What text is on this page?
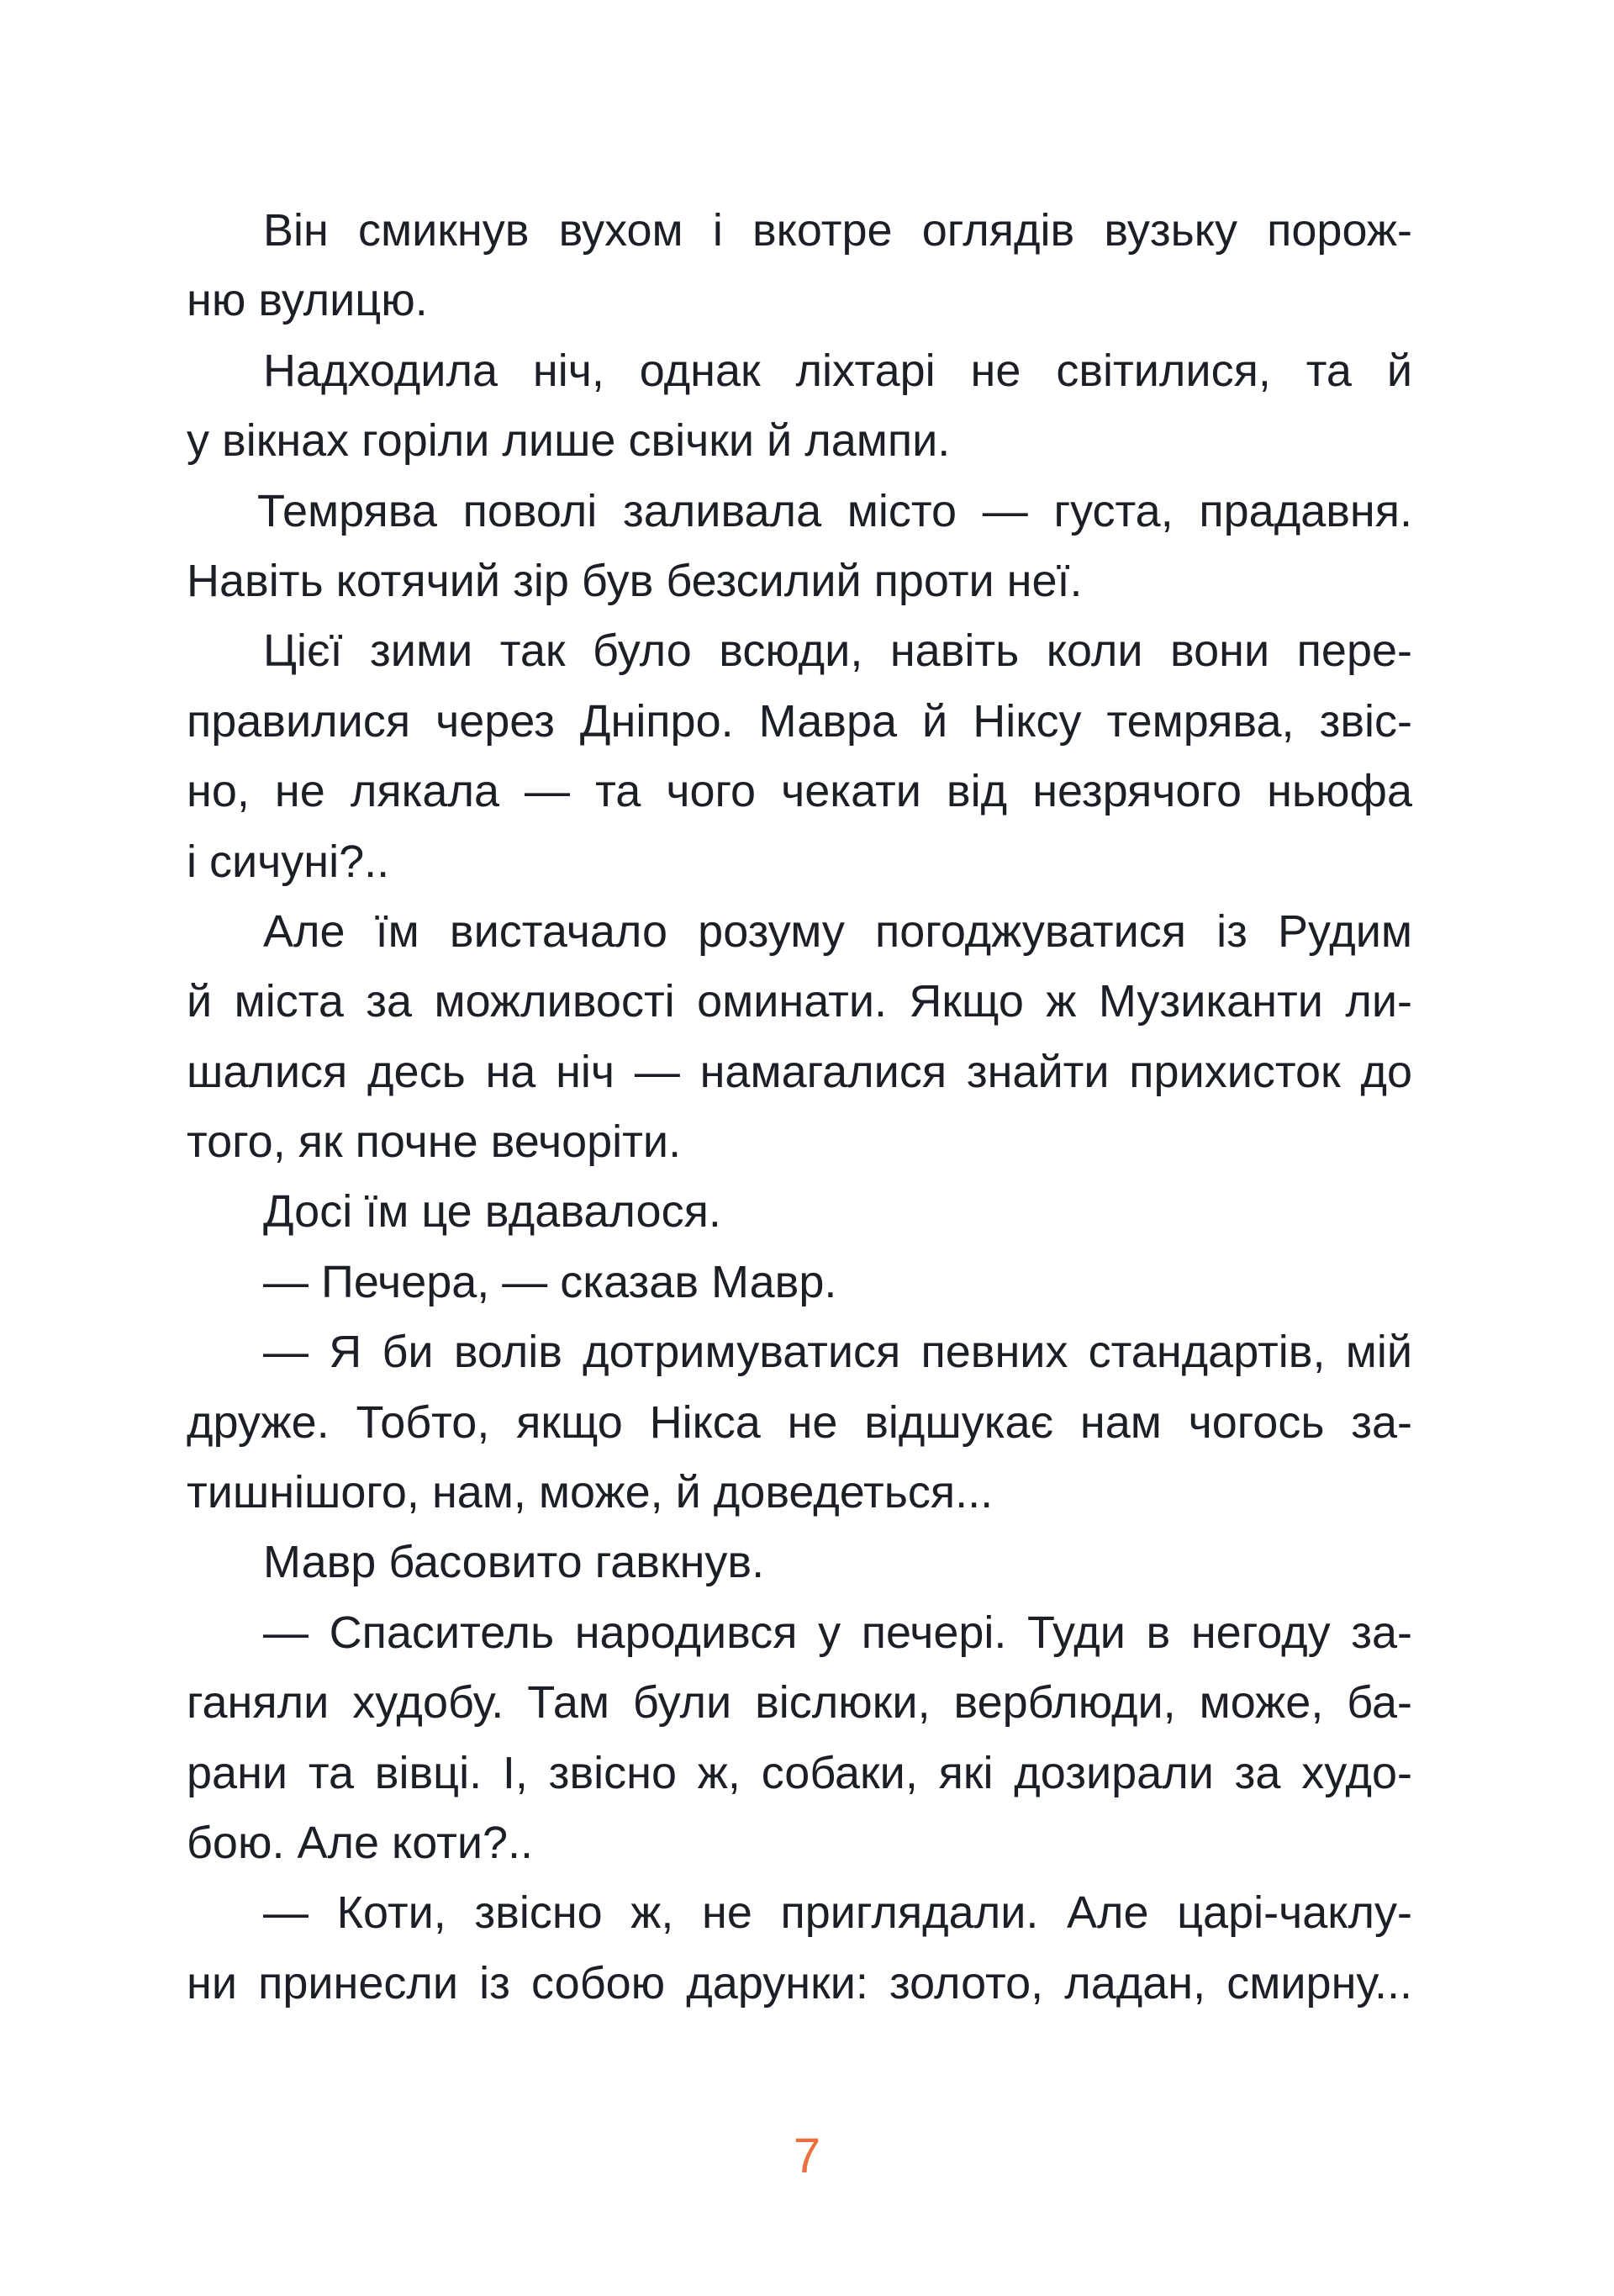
Він смикнув вухом і вкотре оглядів вузьку порож-
ню вулицю.
Надходила ніч, однак ліхтарі не світилися, та й
у вікнах горіли лише свічки й лампи.
Темрява поволі заливала місто — густа, прадавня.
Навіть котячий зір був безсилий проти неї.
Цієї зими так було всюди, навіть коли вони пере-
правилися через Дніпро. Мавра й Ніксу темрява, звіс-
но, не лякала — та чого чекати від незрячого ньюфа
і сичуні?..
Але їм вистачало розуму погоджуватися із Рудим
й міста за можливості оминати. Якщо ж Музиканти ли-
шалися десь на ніч — намагалися знайти прихисток до
того, як почне вечоріти.
Досі їм це вдавалося.
— Печера, — сказав Мавр.
— Я би волів дотримуватися певних стандартів, мій
друже. Тобто, якщо Нікса не відшукає нам чогось за-
тишнішого, нам, може, й доведеться...
Мавр басовито гавкнув.
— Спаситель народився у печері. Туди в негоду за-
ганяли худобу. Там були віслюки, верблюди, може, ба-
рани та вівці. І, звісно ж, собаки, які дозирали за худо-
бою. Але коти?..
— Коти, звісно ж, не приглядали. Але царі-чаклу-
ни принесли із собою дарунки: золото, ладан, смирну...
7
